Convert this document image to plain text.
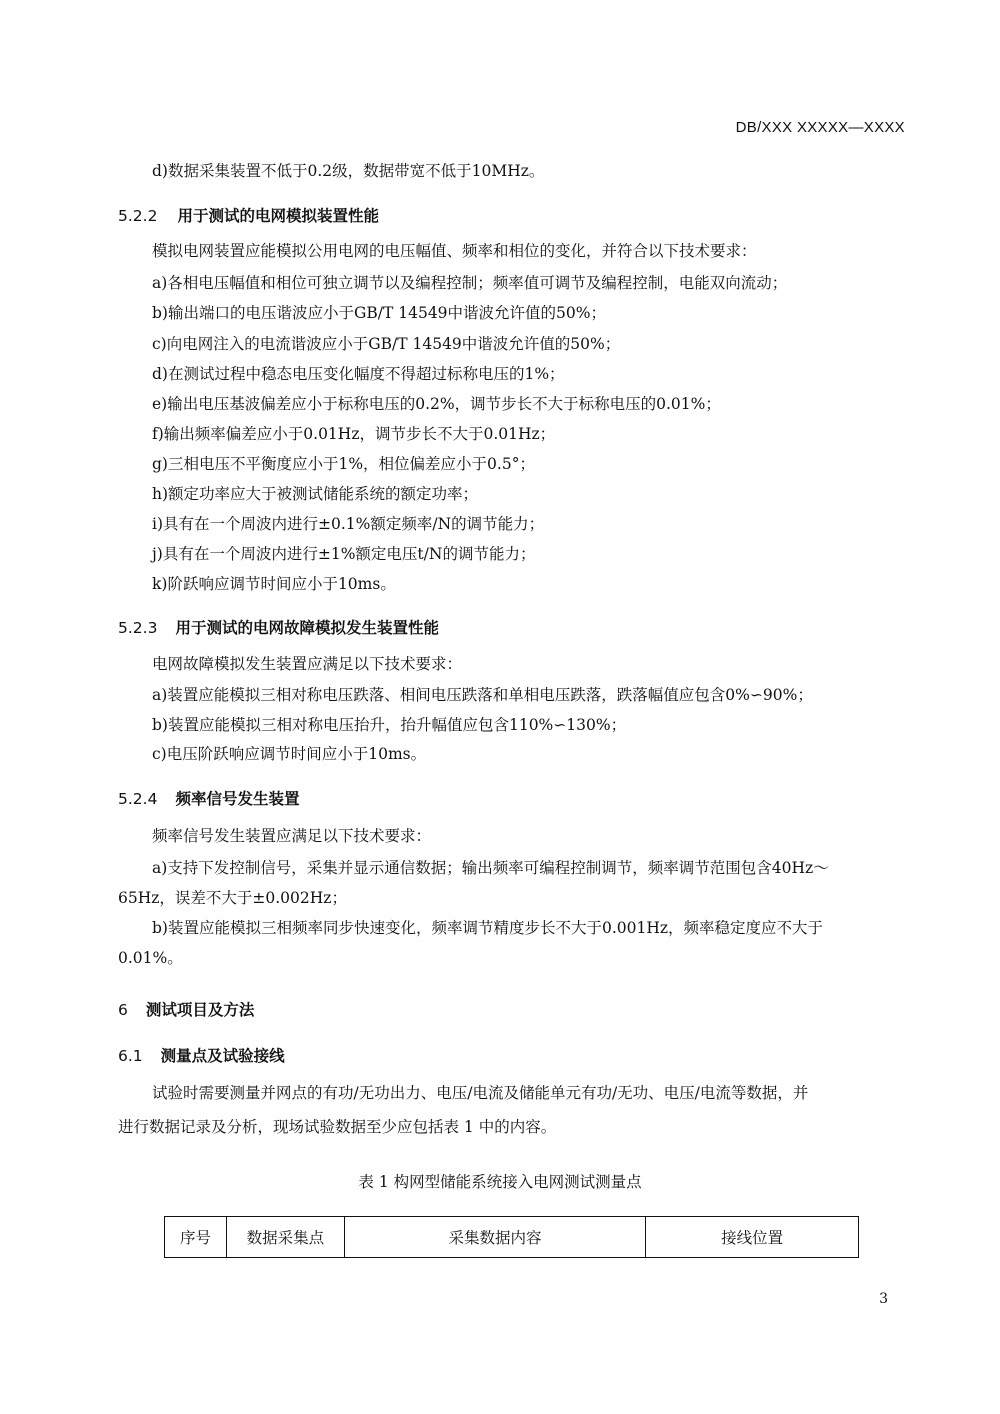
DB/XXX XXXXX—XXXX
d)数据采集装置不低于0.2级，数据带宽不低于10MHz。
5.2.2 用于测试的电网模拟装置性能
模拟电网装置应能模拟公用电网的电压幅值、频率和相位的变化，并符合以下技术要求：
a)各相电压幅值和相位可独立调节以及编程控制；频率值可调节及编程控制，电能双向流动；
b)输出端口的电压谐波应小于GB/T 14549中谐波允许值的50%；
c)向电网注入的电流谐波应小于GB/T 14549中谐波允许值的50%；
d)在测试过程中稳态电压变化幅度不得超过标称电压的1%；
e)输出电压基波偏差应小于标称电压的0.2%，调节步长不大于标称电压的0.01%；
f)输出频率偏差应小于0.01Hz，调节步长不大于0.01Hz；
g)三相电压不平衡度应小于1%，相位偏差应小于0.5°；
h)额定功率应大于被测试储能系统的额定功率；
i)具有在一个周波内进行±0.1%额定频率/N的调节能力；
j)具有在一个周波内进行±1%额定电压t/N的调节能力；
k)阶跃响应调节时间应小于10ms。
5.2.3 用于测试的电网故障模拟发生装置性能
电网故障模拟发生装置应满足以下技术要求：
a)装置应能模拟三相对称电压跌落、相间电压跌落和单相电压跌落，跌落幅值应包含0%∽90%；
b)装置应能模拟三相对称电压抬升，抬升幅值应包含110%∽130%；
c)电压阶跃响应调节时间应小于10ms。
5.2.4 频率信号发生装置
频率信号发生装置应满足以下技术要求：
a)支持下发控制信号，采集并显示通信数据；输出频率可编程控制调节，频率调节范围包含40Hz～
65Hz，误差不大于±0.002Hz；
b)装置应能模拟三相频率同步快速变化，频率调节精度步长不大于0.001Hz，频率稳定度应不大于
0.01%。
6 测试项目及方法
6.1 测量点及试验接线
试验时需要测量并网点的有功/无功出力、电压/电流及储能单元有功/无功、电压/电流等数据，并
进行数据记录及分析，现场试验数据至少应包括表 1 中的内容。
表 1 构网型储能系统接入电网测试测量点
序号	数据采集点	采集数据内容	接线位置
3
